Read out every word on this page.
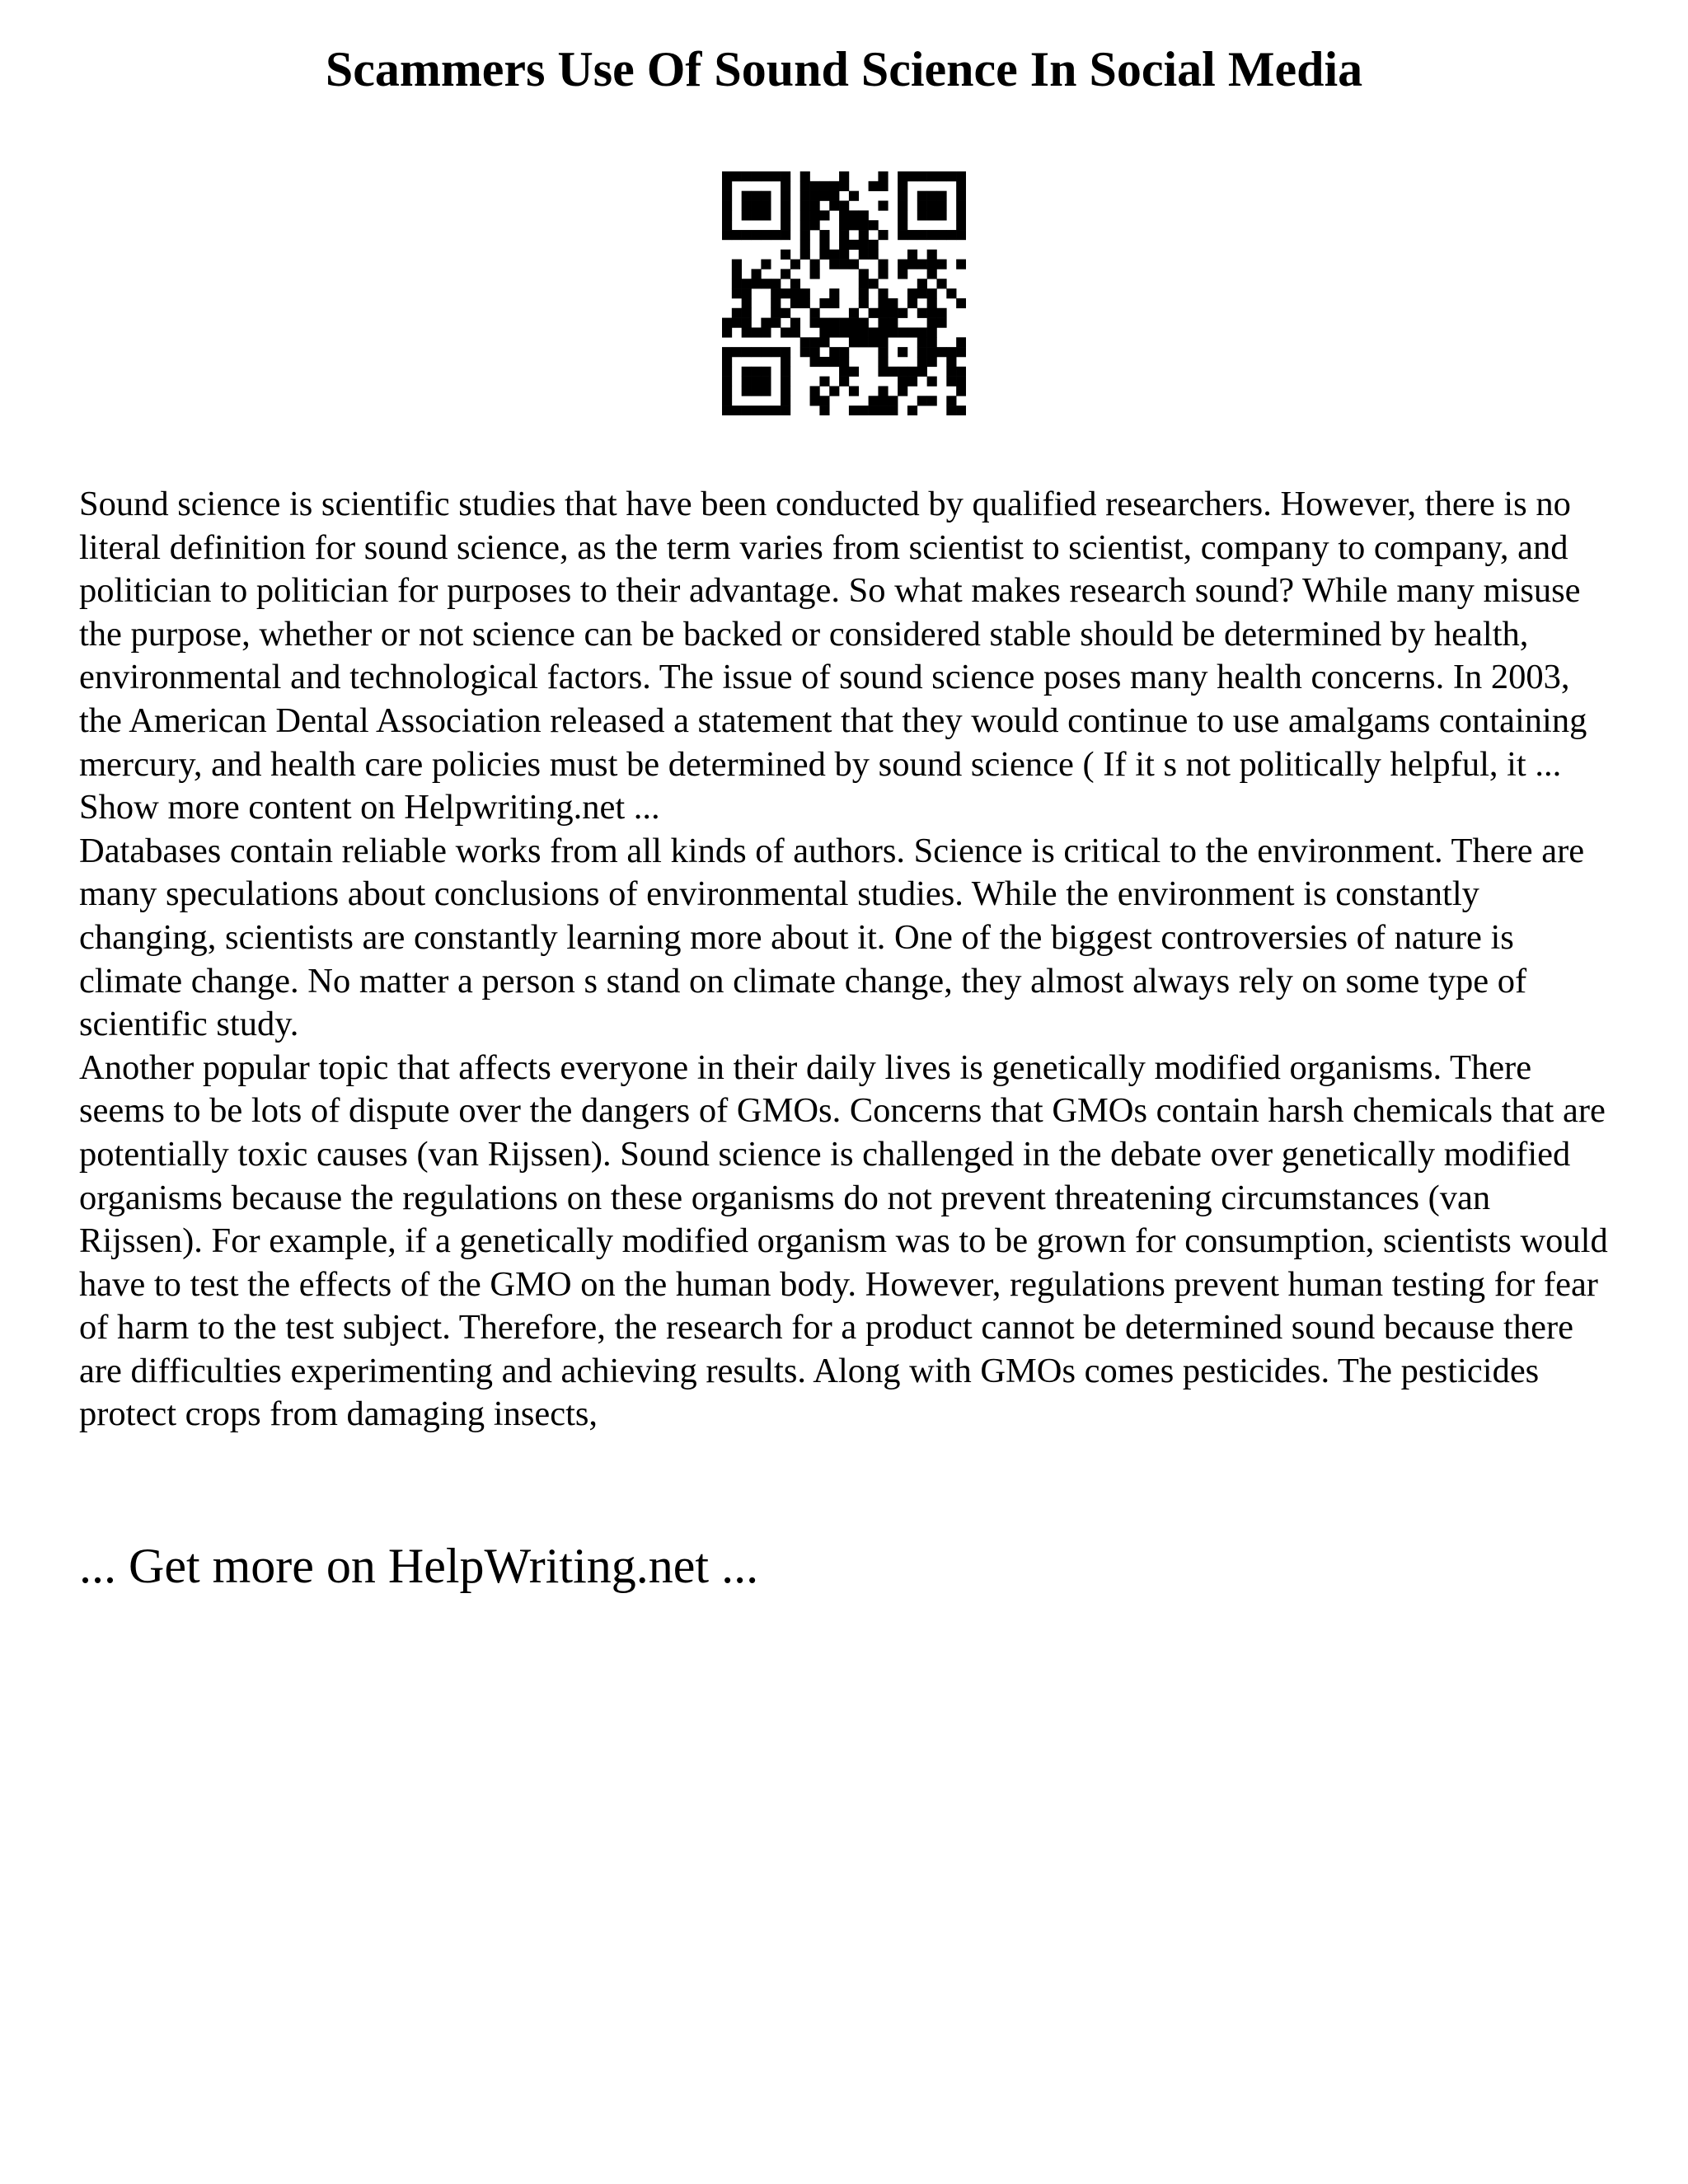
Scammers Use Of Sound Science In Social Media

Sound science is scientific studies that have been conducted by qualified researchers. However, there is no literal definition for sound science, as the term varies from scientist to scientist, company to company, and politician to politician for purposes to their advantage. So what makes research sound? While many misuse the purpose, whether or not science can be backed or considered stable should be determined by health, environmental and technological factors. The issue of sound science poses many health concerns. In 2003, the American Dental Association released a statement that they would continue to use amalgams containing mercury, and health care policies must be determined by sound science ( If it s not politically helpful, it ... Show more content on Helpwriting.net ...

Databases contain reliable works from all kinds of authors. Science is critical to the environment. There are many speculations about conclusions of environmental studies. While the environment is constantly changing, scientists are constantly learning more about it. One of the biggest controversies of nature is climate change. No matter a person s stand on climate change, they almost always rely on some type of scientific study.

Another popular topic that affects everyone in their daily lives is genetically modified organisms. There seems to be lots of dispute over the dangers of GMOs. Concerns that GMOs contain harsh chemicals that are potentially toxic causes (van Rijssen). Sound science is challenged in the debate over genetically modified organisms because the regulations on these organisms do not prevent threatening circumstances (van Rijssen). For example, if a genetically modified organism was to be grown for consumption, scientists would have to test the effects of the GMO on the human body. However, regulations prevent human testing for fear of harm to the test subject. Therefore, the research for a product cannot be determined sound because there are difficulties experimenting and achieving results. Along with GMOs comes pesticides. The pesticides protect crops from damaging insects,

... Get more on HelpWriting.net ...
